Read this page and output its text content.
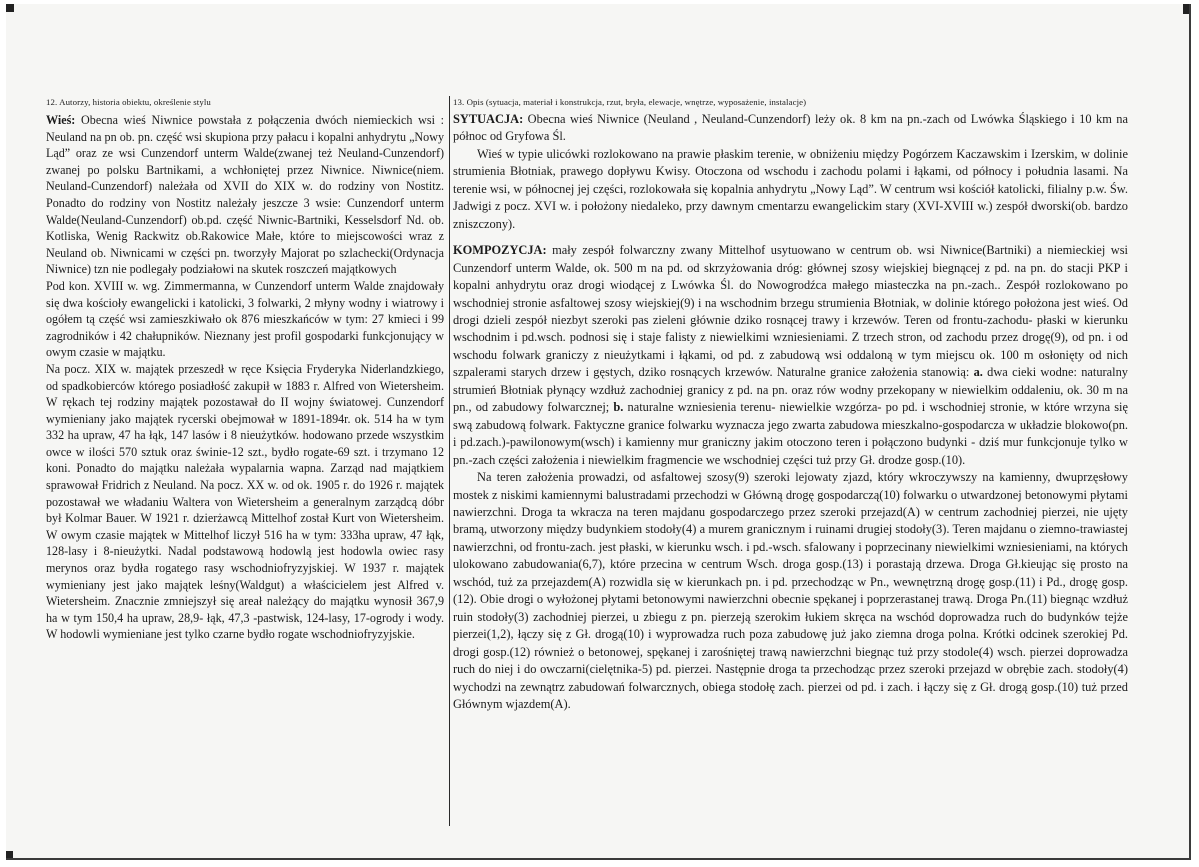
12. Autorzy, historia obiektu, określenie stylu

Wieś: Obecna wieś Niwnice powstała z połączenia dwóch niemieckich wsi : Neuland na pn ob. pn. część wsi skupiona przy pałacu i kopalni anhydrytu „Nowy Ląd” oraz ze wsi Cunzendorf unterm Walde(zwanej też Neuland-Cunzendorf) zwanej po polsku Bartnikami, a wchłoniętej przez Niwnice. Niwnice(niem. Neuland-Cunzendorf) należała od XVII do XIX w. do rodziny von Nostitz. Ponadto do rodziny von Nostitz należały jeszcze 3 wsie: Cunzendorf unterm Walde(Neuland-Cunzendorf) ob.pd. część Niwnic-Bartniki, Kesselsdorf Nd. ob. Kotliska, Wenig Rackwitz ob.Rakowice Małe, które to miejscowości wraz z Neuland ob. Niwnicami w części pn. tworzyły Majorat po szlachecki(Ordynacja Niwnice) tzn nie podlegały podziałowi na skutek roszczeń majątkowych

Pod kon. XVIII w. wg. Zimmermanna, w Cunzendorf unterm Walde znajdowały się dwa kościoły ewangelicki i katolicki, 3 folwarki, 2 młyny wodny i wiatrowy i ogółem tą część wsi zamieszkiwało ok 876 mieszkańców w tym: 27 kmieci i 99 zagrodników i 42 chałupników. Nieznany jest profil gospodarki funkcjonujący w owym czasie w majątku.

Na pocz. XIX w. majątek przeszedł w ręce Księcia Fryderyka Niderlandzkiego, od spadkobierców którego posiadłość zakupił w 1883 r. Alfred von Wietersheim. W rękach tej rodziny majątek pozostawał do II wojny światowej. Cunzendorf wymieniany jako majątek rycerski obejmował w 1891-1894r. ok. 514 ha w tym 332 ha upraw, 47 ha łąk, 147 lasów i 8 nieużytków. hodowano przede wszystkim owce w ilości 570 sztuk oraz świnie-12 szt., bydło rogate-69 szt. i trzymano 12 koni. Ponadto do majątku należała wypalarnia wapna. Zarząd nad majątkiem sprawował Fridrich z Neuland. Na pocz. XX w. od ok. 1905 r. do 1926 r. majątek pozostawał we władaniu Waltera von Wietersheim a generalnym zarządcą dóbr był Kolmar Bauer. W 1921 r. dzierżawcą Mittelhof został Kurt von Wietersheim. W owym czasie majątek w Mittelhof liczył 516 ha w tym: 333ha upraw, 47 łąk, 128-lasy i 8-nieużytki. Nadal podstawową hodowlą jest hodowla owiec rasy merynos oraz bydła rogatego rasy wschodniofryzyjskiej. W 1937 r. majątek wymieniany jest jako majątek leśny(Waldgut) a właścicielem jest Alfred v. Wietersheim. Znacznie zmniejszył się areał należący do majątku wynosił 367,9 ha w tym 150,4 ha upraw, 28,9- łąk, 47,3 -pastwisk, 124-lasy, 17-ogrody i wody. W hodowli wymieniane jest tylko czarne bydło rogate wschodniofryzyjskie.

13. Opis (sytuacja, materiał i konstrukcja, rzut, bryła, elewacje, wnętrze, wyposażenie, instalacje)

SYTUACJA: Obecna wieś Niwnice (Neuland , Neuland-Cunzendorf) leży ok. 8 km na pn.-zach od Lwówka Śląskiego i 10 km na północ od Gryfowa Śl.

Wieś w typie ulicówki rozlokowano na prawie płaskim terenie, w obniżeniu między Pogórzem Kaczawskim i Izerskim, w dolinie strumienia Błotniak, prawego dopływu Kwisy. Otoczona od wschodu i zachodu polami i łąkami, od północy i południa lasami. Na terenie wsi, w północnej jej części, rozlokowała się kopalnia anhydrytu „Nowy Ląd”. W centrum wsi kościół katolicki, filialny p.w. Św. Jadwigi z pocz. XVI w. i położony niedaleko, przy dawnym cmentarzu ewangelickim stary (XVI-XVIII w.) zespół dworski(ob. bardzo zniszczony).

KOMPOZYCJA: mały zespół folwarczny zwany Mittelhof usytuowano w centrum ob. wsi Niwnice(Bartniki) a niemieckiej wsi Cunzendorf unterm Walde, ok. 500 m na pd. od skrzyżowania dróg: głównej szosy wiejskiej biegnącej z pd. na pn. do stacji PKP i kopalni anhydrytu oraz drogi wiodącej z Lwówka Śl. do Nowogrodźca małego miasteczka na pn.-zach.. Zespół rozlokowano po wschodniej stronie asfaltowej szosy wiejskiej(9) i na wschodnim brzegu strumienia Błotniak, w dolinie którego położona jest wieś. Od drogi dzieli zespół niezbyt szeroki pas zieleni głównie dziko rosnącej trawy i krzewów. Teren od frontu-zachodu- płaski w kierunku wschodnim i pd.wsch. podnosi się i staje falisty z niewielkimi wzniesieniami. Z trzech stron, od zachodu przez drogę(9), od pn. i od wschodu folwark graniczy z nieużytkami i łąkami, od pd. z zabudową wsi oddaloną w tym miejscu ok. 100 m osłonięty od nich szpalerami starych drzew i gęstych, dziko rosnących krzewów. Naturalne granice założenia stanowią: a. dwa cieki wodne: naturalny strumień Błotniak płynący wzdłuż zachodniej granicy z pd. na pn. oraz rów wodny przekopany w niewielkim oddaleniu, ok. 30 m na pn., od zabudowy folwarcznej; b. naturalne wzniesienia terenu- niewielkie wzgórza- po pd. i wschodniej stronie, w które wrzyna się swą zabudową folwark. Faktyczne granice folwarku wyznacza jego zwarta zabudowa mieszkalno-gospodarcza w układzie blokowo(pn. i pd.zach.)-pawilonowym(wsch) i kamienny mur graniczny jakim otoczono teren i połączono budynki - dziś mur funkcjonuje tylko w pn.-zach części założenia i niewielkim fragmencie we wschodniej części tuż przy Gł. drodze gosp.(10).

Na teren założenia prowadzi, od asfaltowej szosy(9) szeroki lejowaty zjazd, który wkroczywszy na kamienny, dwuprzęsłowy mostek z niskimi kamiennymi balustradami przechodzi w Główną drogę gospodarczą(10) folwarku o utwardzonej betonowymi płytami nawierzchni. Droga ta wkracza na teren majdanu gospodarczego przez szeroki przejazd(A) w centrum zachodniej pierzei, nie ujęty bramą, utworzony między budynkiem stodoły(4) a murem granicznym i ruinami drugiej stodoły(3). Teren majdanu o ziemno-trawiastej nawierzchni, od frontu-zach. jest płaski, w kierunku wsch. i pd.-wsch. sfalowany i poprzecinany niewielkimi wzniesieniami, na których ulokowano zabudowania(6,7), które przecina w centrum Wsch. droga gosp.(13) i porastają drzewa. Droga Gł.kieując się prosto na wschód, tuż za przejazdem(A) rozwidla się w kierunkach pn. i pd. przechodząc w Pn., wewnętrzną drogę gosp.(11) i Pd., drogę gosp.(12). Obie drogi o wyłożonej płytami betonowymi nawierzchni obecnie spękanej i poprzerastanej trawą. Droga Pn.(11) biegnąc wzdłuż ruin stodoły(3) zachodniej pierzei, u zbiegu z pn. pierzeją szerokim łukiem skręca na wschód doprowadza ruch do budynków tejże pierzei(1,2), łączy się z Gł. drogą(10) i wyprowadza ruch poza zabudowę już jako ziemna droga polna. Krótki odcinek szerokiej Pd. drogi gosp.(12) również o betonowej, spękanej i zarośniętej trawą nawierzchni biegnąc tuż przy stodole(4) wsch. pierzei doprowadza ruch do niej i do owczarni(cielętnika-5) pd. pierzei. Następnie droga ta przechodząc przez szeroki przejazd w obrębie zach. stodoły(4) wychodzi na zewnątrz zabudowań folwarcznych, obiega stodołę zach. pierzei od pd. i zach. i łączy się z Gł. drogą gosp.(10) tuż przed Głównym wjazdem(A).
